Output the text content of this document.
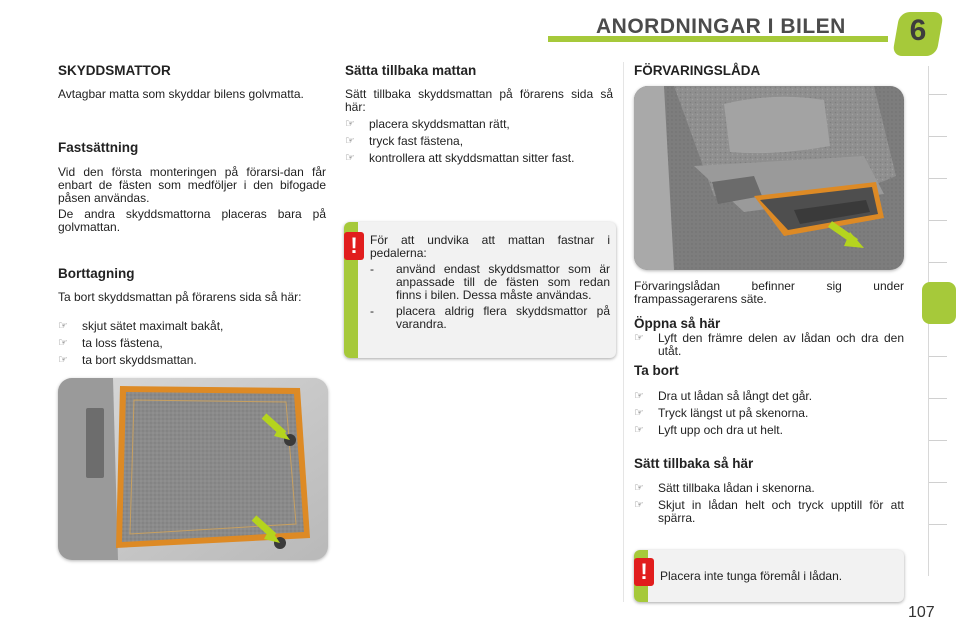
ANORDNINGAR I BILEN	6
SKYDDSMATTOR

Avtagbar matta som skyddar bilens golvmatta.

Fastsättning

Vid den första monteringen på förarsi-dan får enbart de fästen som medföljer i den bifogade påsen användas.

De andra skyddsmattorna placeras bara på golvmattan.

Borttagning

Ta bort skyddsmattan på förarens sida så här:

☞ skjut sätet maximalt bakåt,
☞ ta loss fästena,
☞ ta bort skyddsmattan.
Sätta tillbaka mattan

Sätt tillbaka skyddsmattan på förarens sida så här:

☞ placera skyddsmattan rätt,
☞ tryck fast fästena,
☞ kontrollera att skyddsmattan sitter fast.
!	För att undvika att mattan fastnar i pedalerna:
- använd endast skyddsmattor som är anpassade till de fästen som redan finns i bilen. Dessa måste användas.
- placera aldrig flera skyddsmattor på varandra.
FÖRVARINGSLÅDA

Förvaringslådan befinner sig under frampassagerarens säte.

Öppna så här
☞ Lyft den främre delen av lådan och dra den utåt.
Ta bort
☞ Dra ut lådan så långt det går.
☞ Tryck längst ut på skenorna.
☞ Lyft upp och dra ut helt.
Sätt tillbaka så här
☞ Sätt tillbaka lådan i skenorna.
☞ Skjut in lådan helt och tryck upptill för att spärra.
!	Placera inte tunga föremål i lådan.
107
